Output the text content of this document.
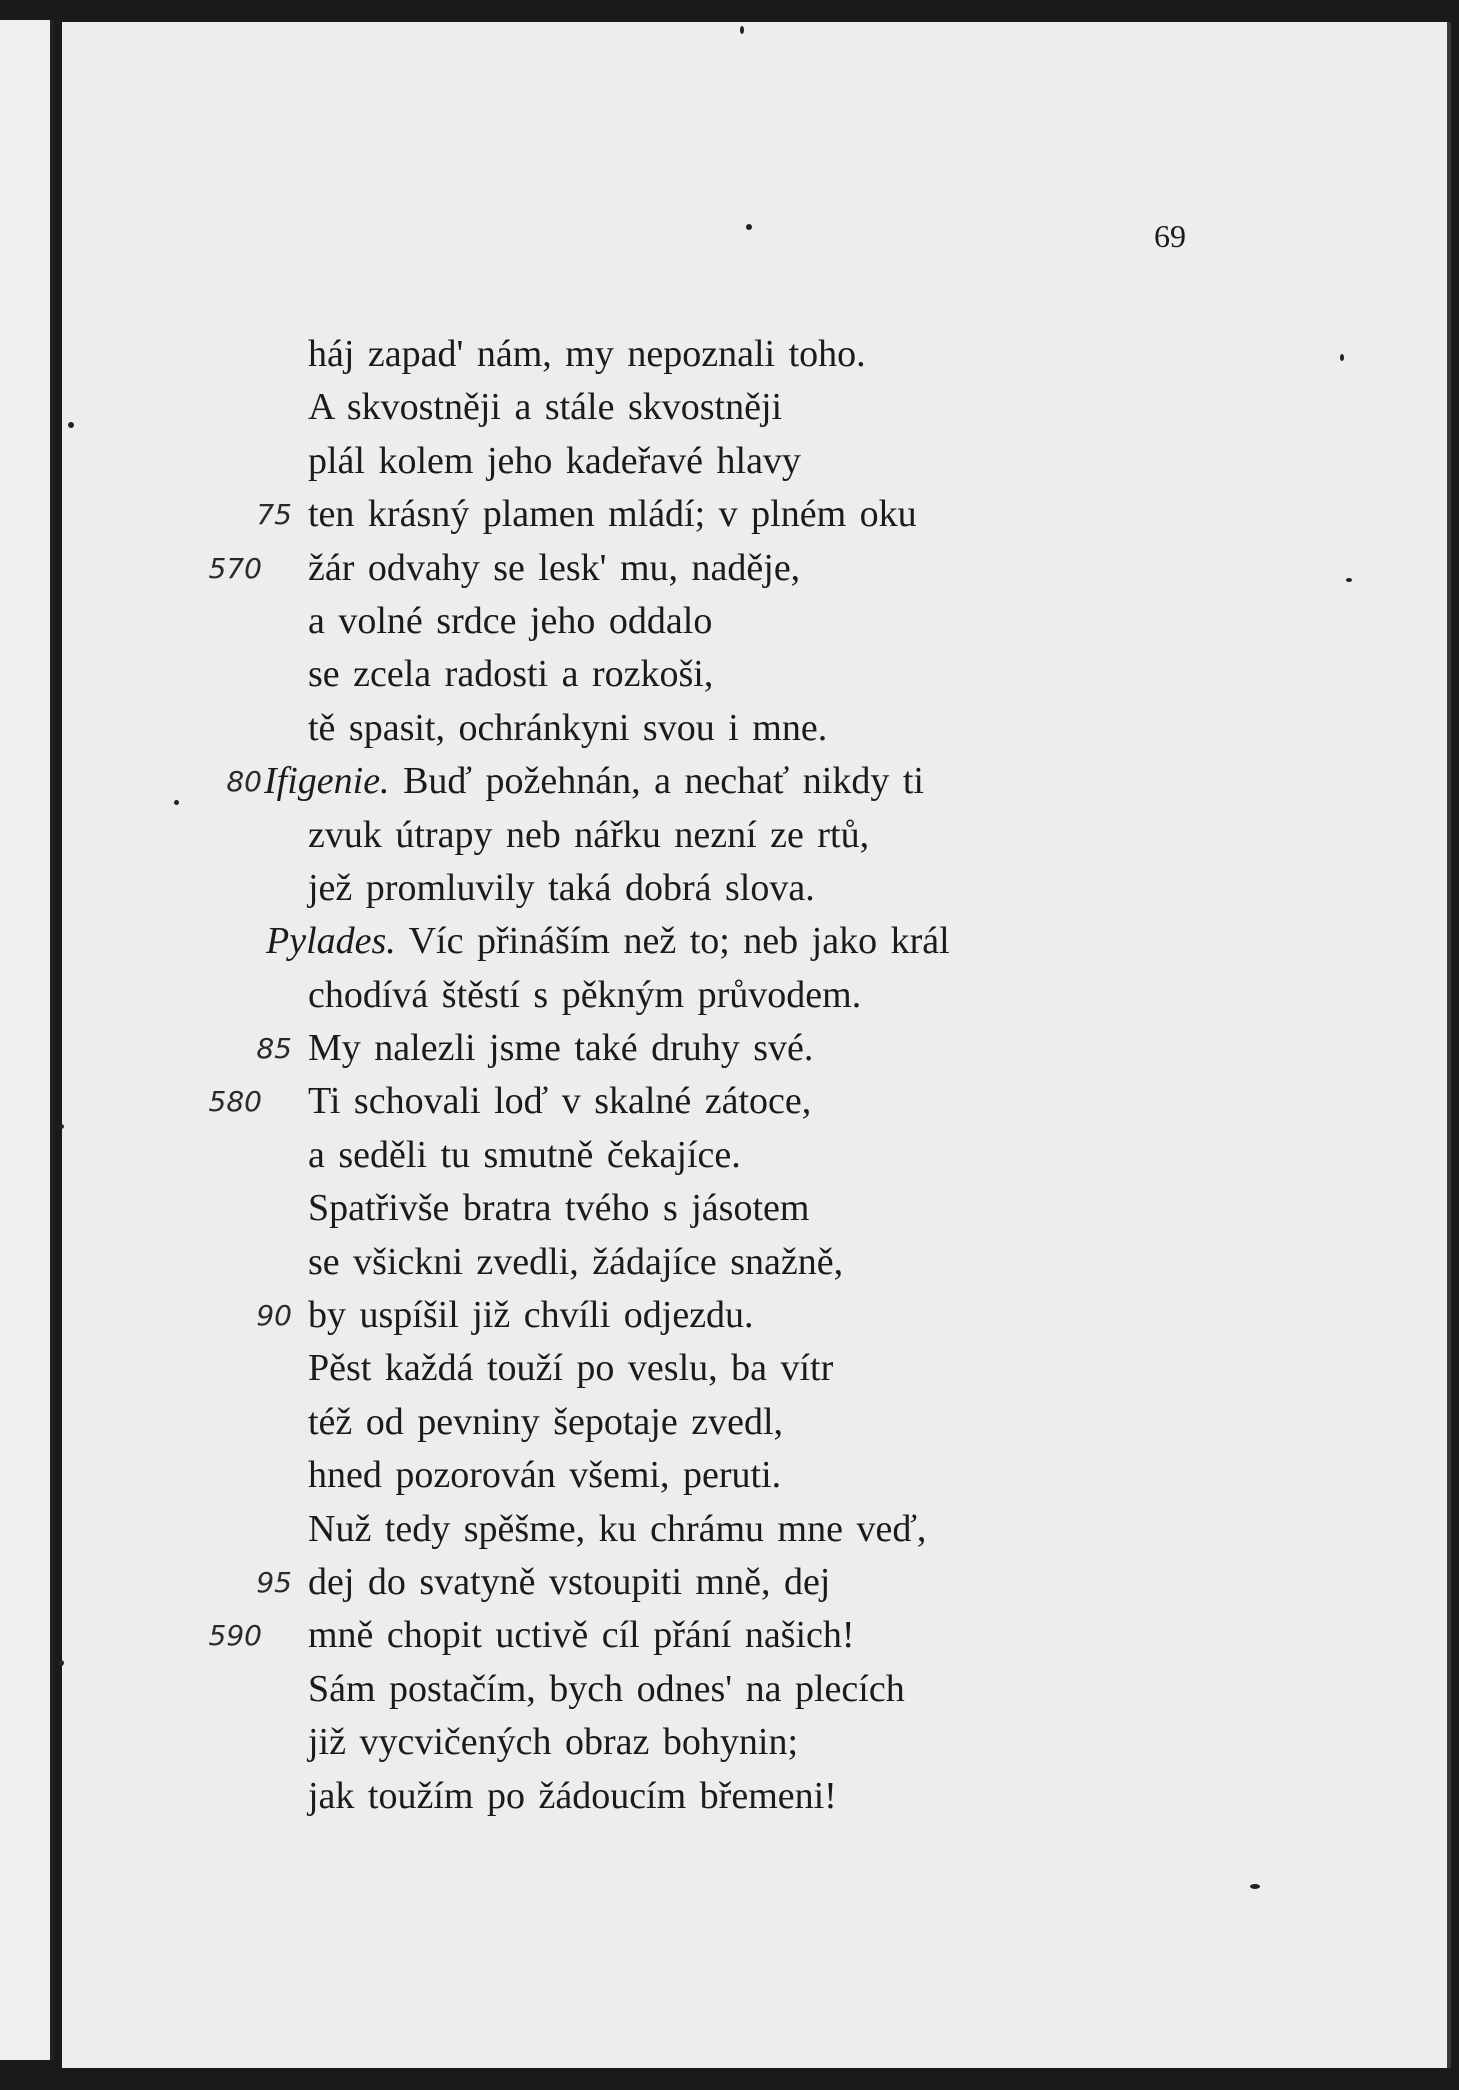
69
háj zapad' nám, my nepoznali toho.
A skvostněji a stále skvostněji
plál kolem jeho kadeřavé hlavy
75 ten krásný plamen mládí; v plném oku
570 žár odvahy se lesk' mu, naděje,
a volné srdce jeho oddalo
se zcela radosti a rozkoši,
tě spasit, ochránkyni svou i mne.
80 Ifigenie. Buď požehnán, a nechať nikdy ti
zvuk útrapy neb nářku nezní ze rtů,
jež promluvily taká dobrá slova.
Pylades. Víc přináším než to; neb jako král
chodívá štěstí s pěkným průvodem.
85 My nalezli jsme také druhy své.
580 Ti schovali loď v skalné zátoce,
a seděli tu smutně čekajíce.
Spatřivše bratra tvého s jásotem
se všickni zvedli, žádajíce snažně,
90 by uspíšil již chvíli odjezdu.
Pěst každá touží po veslu, ba vítr
též od pevniny šepotaje zvedl,
hned pozorován všemi, peruti.
Nuž tedy spěšme, ku chrámu mne veď,
95 dej do svatyně vstoupiti mně, dej
590 mně chopit uctivě cíl přání našich!
Sám postačím, bych odnes' na plecích
již vycvičených obraz bohynin;
jak toužím po žádoucím břemeni!
